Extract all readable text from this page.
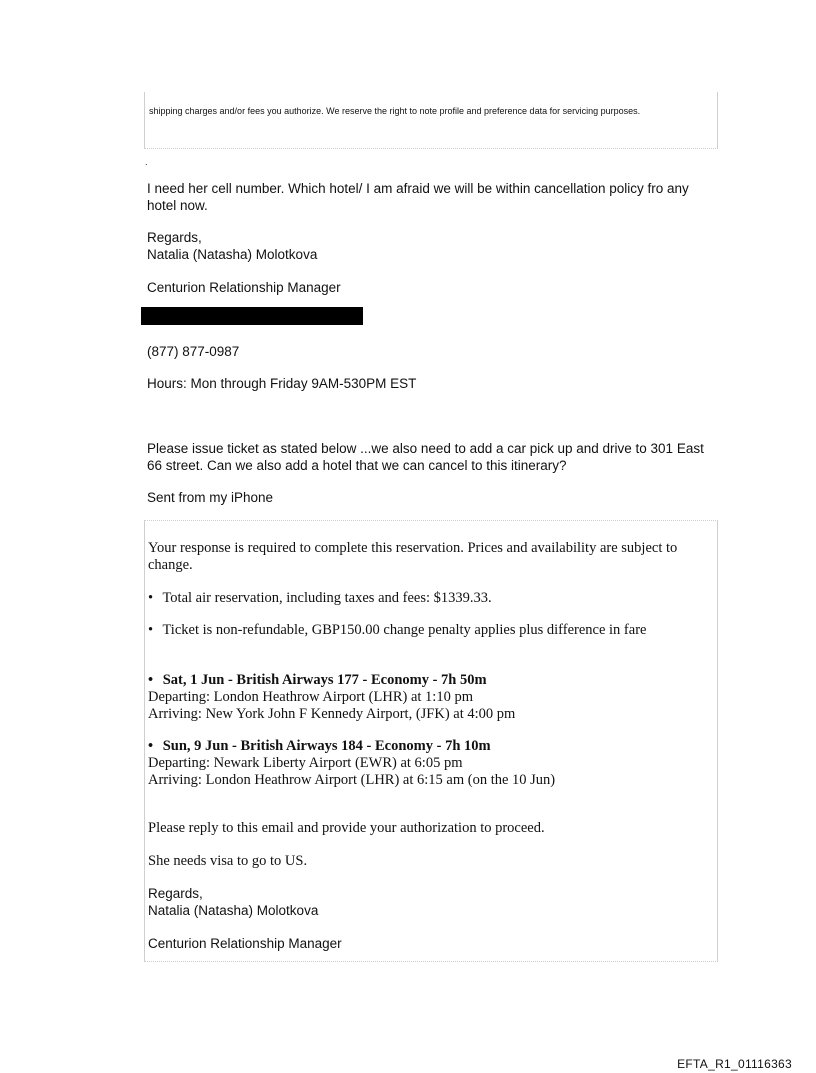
shipping charges and/or fees you authorize. We reserve the right to note profile and preference data for servicing purposes.

.

I need her cell number. Which hotel/ I am afraid we will be within cancellation policy fro any hotel now.

Regards,

Natalia (Natasha) Molotkova

Centurion Relationship Manager

(877) 877-0987

Hours: Mon through Friday 9AM-530PM EST

Please issue ticket as stated below ...we also need to add a car pick up and drive to 301 East 66 street. Can we also add a hotel that we can cancel to this itinerary?

Sent from my iPhone

Your response is required to complete this reservation. Prices and availability are subject to change.

• Total air reservation, including taxes and fees: $1339.33.

• Ticket is non-refundable, GBP150.00 change penalty applies plus difference in fare

• Sat, 1 Jun - British Airways 177 - Economy - 7h 50m

Departing: London Heathrow Airport (LHR) at 1:10 pm

Arriving: New York John F Kennedy Airport, (JFK) at 4:00 pm

• Sun, 9 Jun - British Airways 184 - Economy - 7h 10m

Departing: Newark Liberty Airport (EWR) at 6:05 pm

Arriving: London Heathrow Airport (LHR) at 6:15 am (on the 10 Jun)

Please reply to this email and provide your authorization to proceed.

She needs visa to go to US.

Regards,

Natalia (Natasha) Molotkova

Centurion Relationship Manager

EFTA_R1_01116363
